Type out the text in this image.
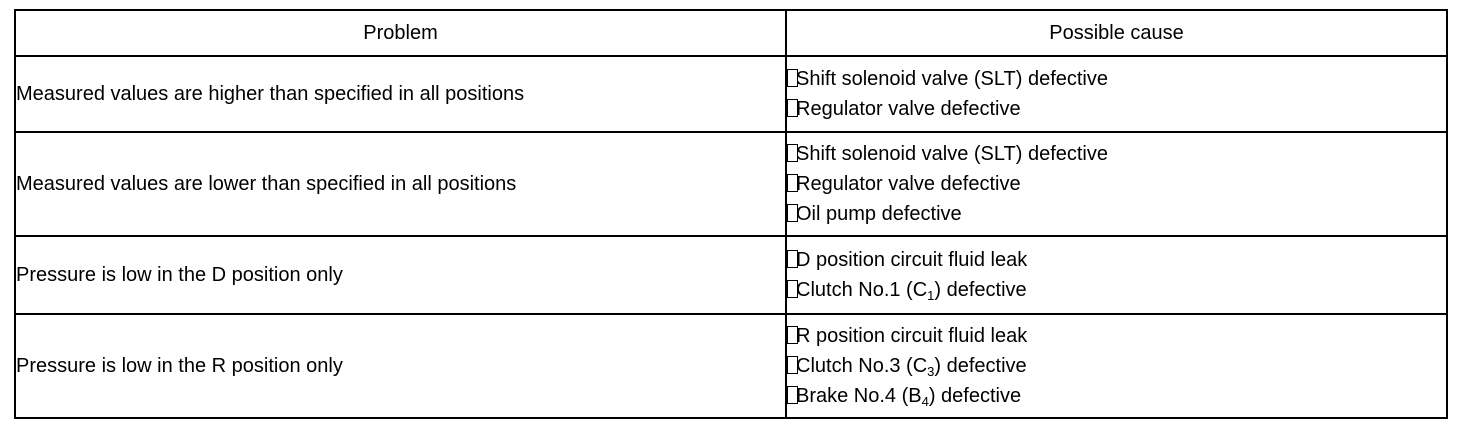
Problem	Possible cause
Measured values are higher than specified in all positions	Shift solenoid valve (SLT) defective
Regulator valve defective

Measured values are lower than specified in all positions	Shift solenoid valve (SLT) defective
Regulator valve defective
Oil pump defective

Pressure is low in the D position only	D position circuit fluid leak
Clutch No.1 $(C_1)$ defective

Pressure is low in the R position only	R position circuit fluid leak
Clutch No.3 $(C_3)$ defective
Brake No.4 $(B_4)$ defective
